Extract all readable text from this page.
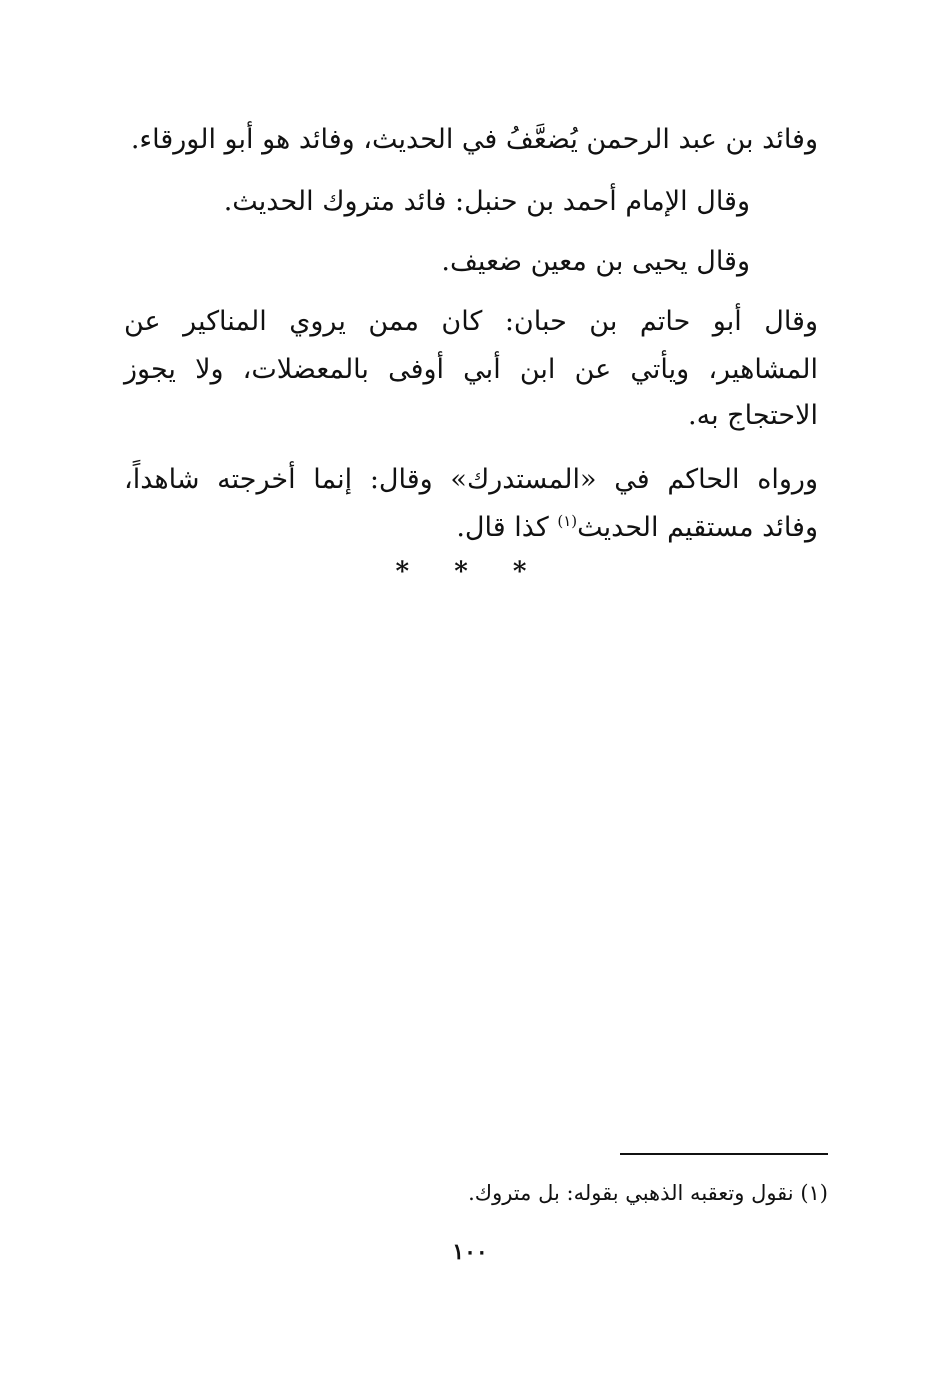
وفائد بن عبد الرحمن يُضعَّفُ في الحديث، وفائد هو أبو الورقاء.
وقال الإمام أحمد بن حنبل: فائد متروك الحديث.
وقال يحيى بن معين ضعيف.
وقال أبو حاتم بن حبان: كان ممن يروي المناكير عن
المشاهير، ويأتي عن ابن أبي أوفى بالمعضلات، ولا يجوز
الاحتجاج به.
ورواه الحاكم في «المستدرك» وقال: إنما أخرجته شاهداً،
وفائد مستقيم الحديث$^{(١)}$ كذا قال.
* * *
(١) نقول وتعقبه الذهبي بقوله: بل متروك.
١٠٠
